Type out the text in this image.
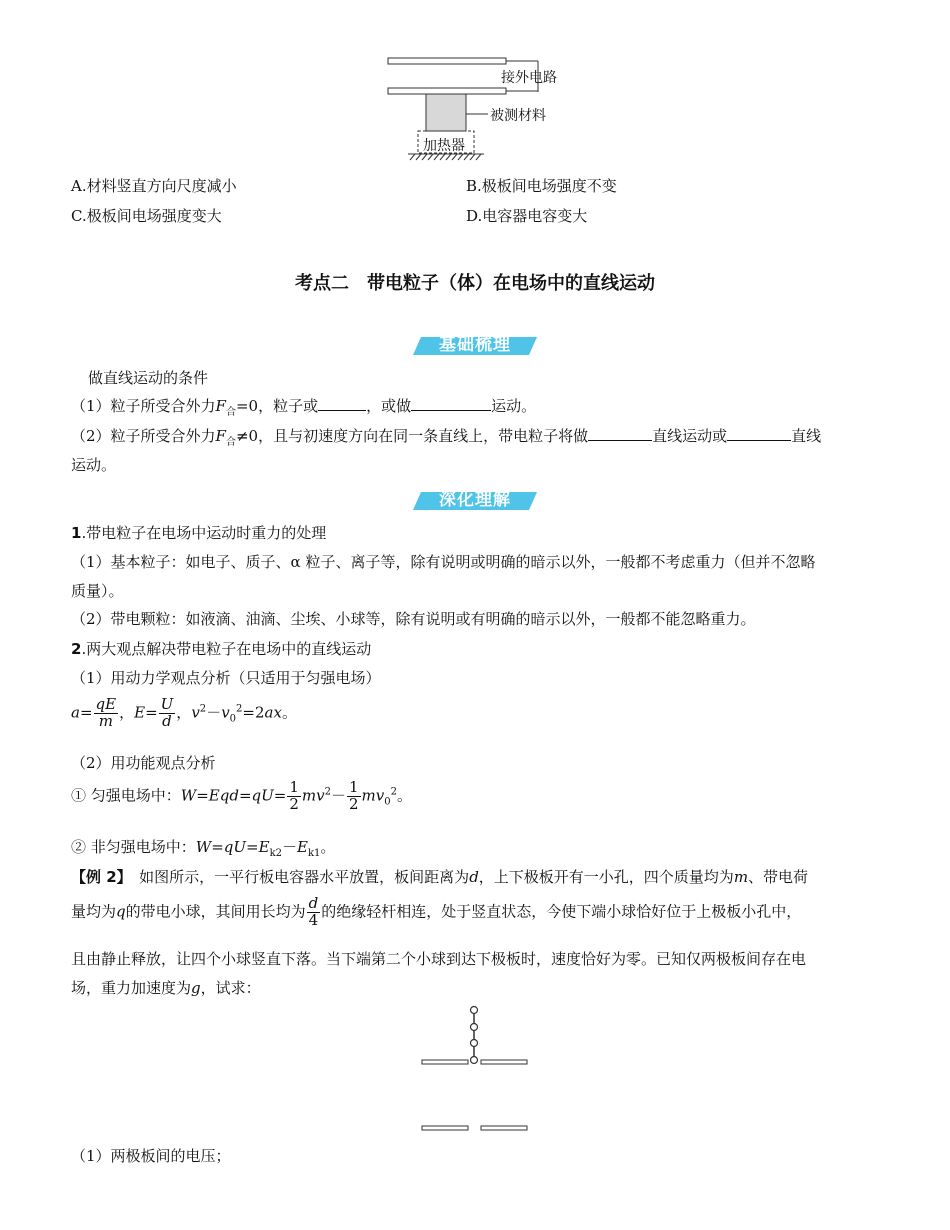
接外电路
被测材料
加热器
A.材料竖直方向尺度减小	B.极板间电场强度不变
C.极板间电场强度变大	D.电容器电容变大
考点二　带电粒子（体）在电场中的直线运动
基础梳理
做直线运动的条件
（1）粒子所受合外力$F_合=0$，粒子或	，或做	运动。
（2）粒子所受合外力$F_合\ne 0$，且与初速度方向在同一条直线上，带电粒子将做	直线运动或	直线
运动。
深化理解
1.带电粒子在电场中运动时重力的处理
（1）基本粒子：如电子、质子、α 粒子、离子等，除有说明或明确的暗示以外，一般都不考虑重力（但并不忽略
质量）。
（2）带电颗粒：如液滴、油滴、尘埃、小球等，除有说明或有明确的暗示以外，一般都不能忽略重力。
2.两大观点解决带电粒子在电场中的直线运动
（1）用动力学观点分析（只适用于匀强电场）
$a= \frac{qE}{m}$ ，$E= \frac{U}{d}$ ，$v^2-v_0^2=2ax$。
（2）用功能观点分析
① 匀强电场中：$W=Eqd=qU= \frac{1}{2} mv^2- \frac{1}{2} mv_0^2$。
② 非匀强电场中：$W=qU=E_{k2}-E_{k1}$。
【例 2】　如图所示，一平行板电容器水平放置，板间距离为d，上下极板开有一小孔，四个质量均为m、带电荷
量均为q的带电小球，其间用长均为 $\frac{d}{4}$ 的绝缘轻杆相连，处于竖直状态，今使下端小球恰好位于上极板小孔中，
且由静止释放，让四个小球竖直下落。当下端第二个小球到达下极板时，速度恰好为零。已知仅两极板间存在电
场，重力加速度为g，试求：
（1）两极板间的电压；
